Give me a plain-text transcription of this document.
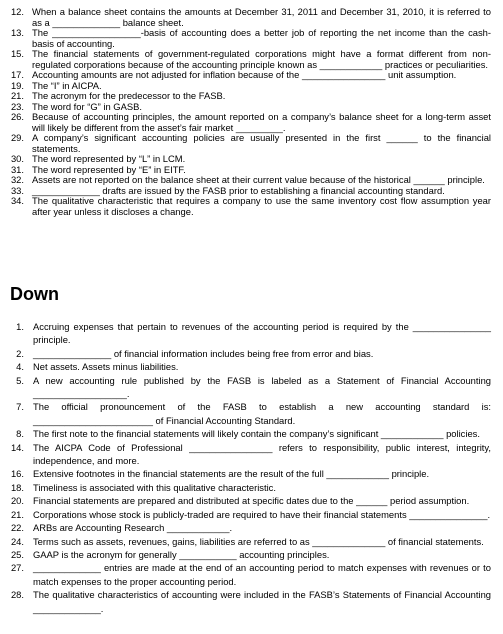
12. When a balance sheet contains the amounts at December 31, 2011 and December 31, 2010, it is referred to as a _____________ balance sheet.
13. The _________________-basis of accounting does a better job of reporting the net income than the cash-basis of accounting.
15. The financial statements of government-regulated corporations might have a format different from non-regulated corporations because of the accounting principle known as ____________ practices or peculiarities.
17. Accounting amounts are not adjusted for inflation because of the ________________ unit assumption.
19. The “I” in AICPA.
21. The acronym for the predecessor to the FASB.
23. The word for “G” in GASB.
26. Because of accounting principles, the amount reported on a company’s balance sheet for a long-term asset will likely be different from the asset’s fair market _________.
29. A company’s significant accounting policies are usually presented in the first ______ to the financial statements.
30. The word represented by “L” in LCM.
31. The word represented by “E” in EITF.
32. Assets are not reported on the balance sheet at their current value because of the historical ______ principle.
33. _____________ drafts are issued by the FASB prior to establishing a financial accounting standard.
34. The qualitative characteristic that requires a company to use the same inventory cost flow assumption year after year unless it discloses a change.
Down
1. Accruing expenses that pertain to revenues of the accounting period is required by the _______________ principle.
2. _______________ of financial information includes being free from error and bias.
4. Net assets. Assets minus liabilities.
5. A new accounting rule published by the FASB is labeled as a Statement of Financial Accounting __________________.
7. The official pronouncement of the FASB to establish a new accounting standard is: _______________________ of Financial Accounting Standard.
8. The first note to the financial statements will likely contain the company’s significant ____________ policies.
14. The AICPA Code of Professional ________________ refers to responsibility, public interest, integrity, independence, and more.
16. Extensive footnotes in the financial statements are the result of the full ____________ principle.
18. Timeliness is associated with this qualitative characteristic.
20. Financial statements are prepared and distributed at specific dates due to the ______ period assumption.
21. Corporations whose stock is publicly-traded are required to have their financial statements _______________.
22. ARBs are Accounting Research ____________.
24. Terms such as assets, revenues, gains, liabilities are referred to as ______________ of financial statements.
25. GAAP is the acronym for generally ___________ accounting principles.
27. _____________ entries are made at the end of an accounting period to match expenses with revenues or to match expenses to the proper accounting period.
28. The qualitative characteristics of accounting were included in the FASB’s Statements of Financial Accounting _____________.
